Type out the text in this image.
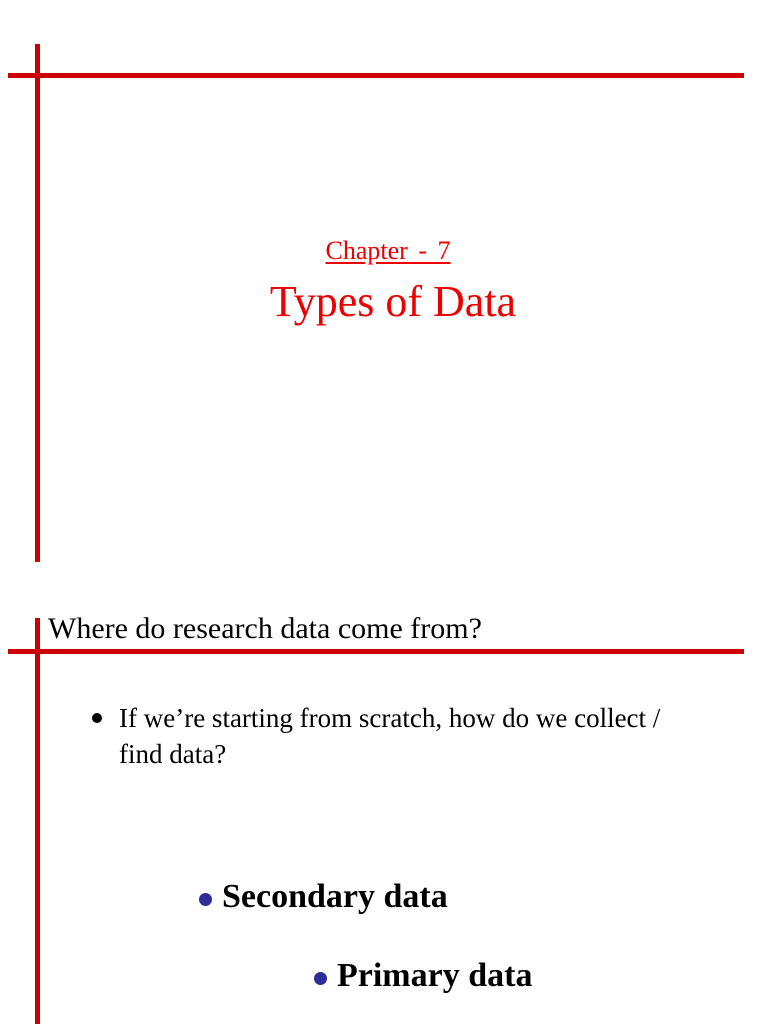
Chapter - 7
Types of Data
Where do research data come from?
If we’re starting from scratch, how do we collect / find data?
Secondary data
Primary data
